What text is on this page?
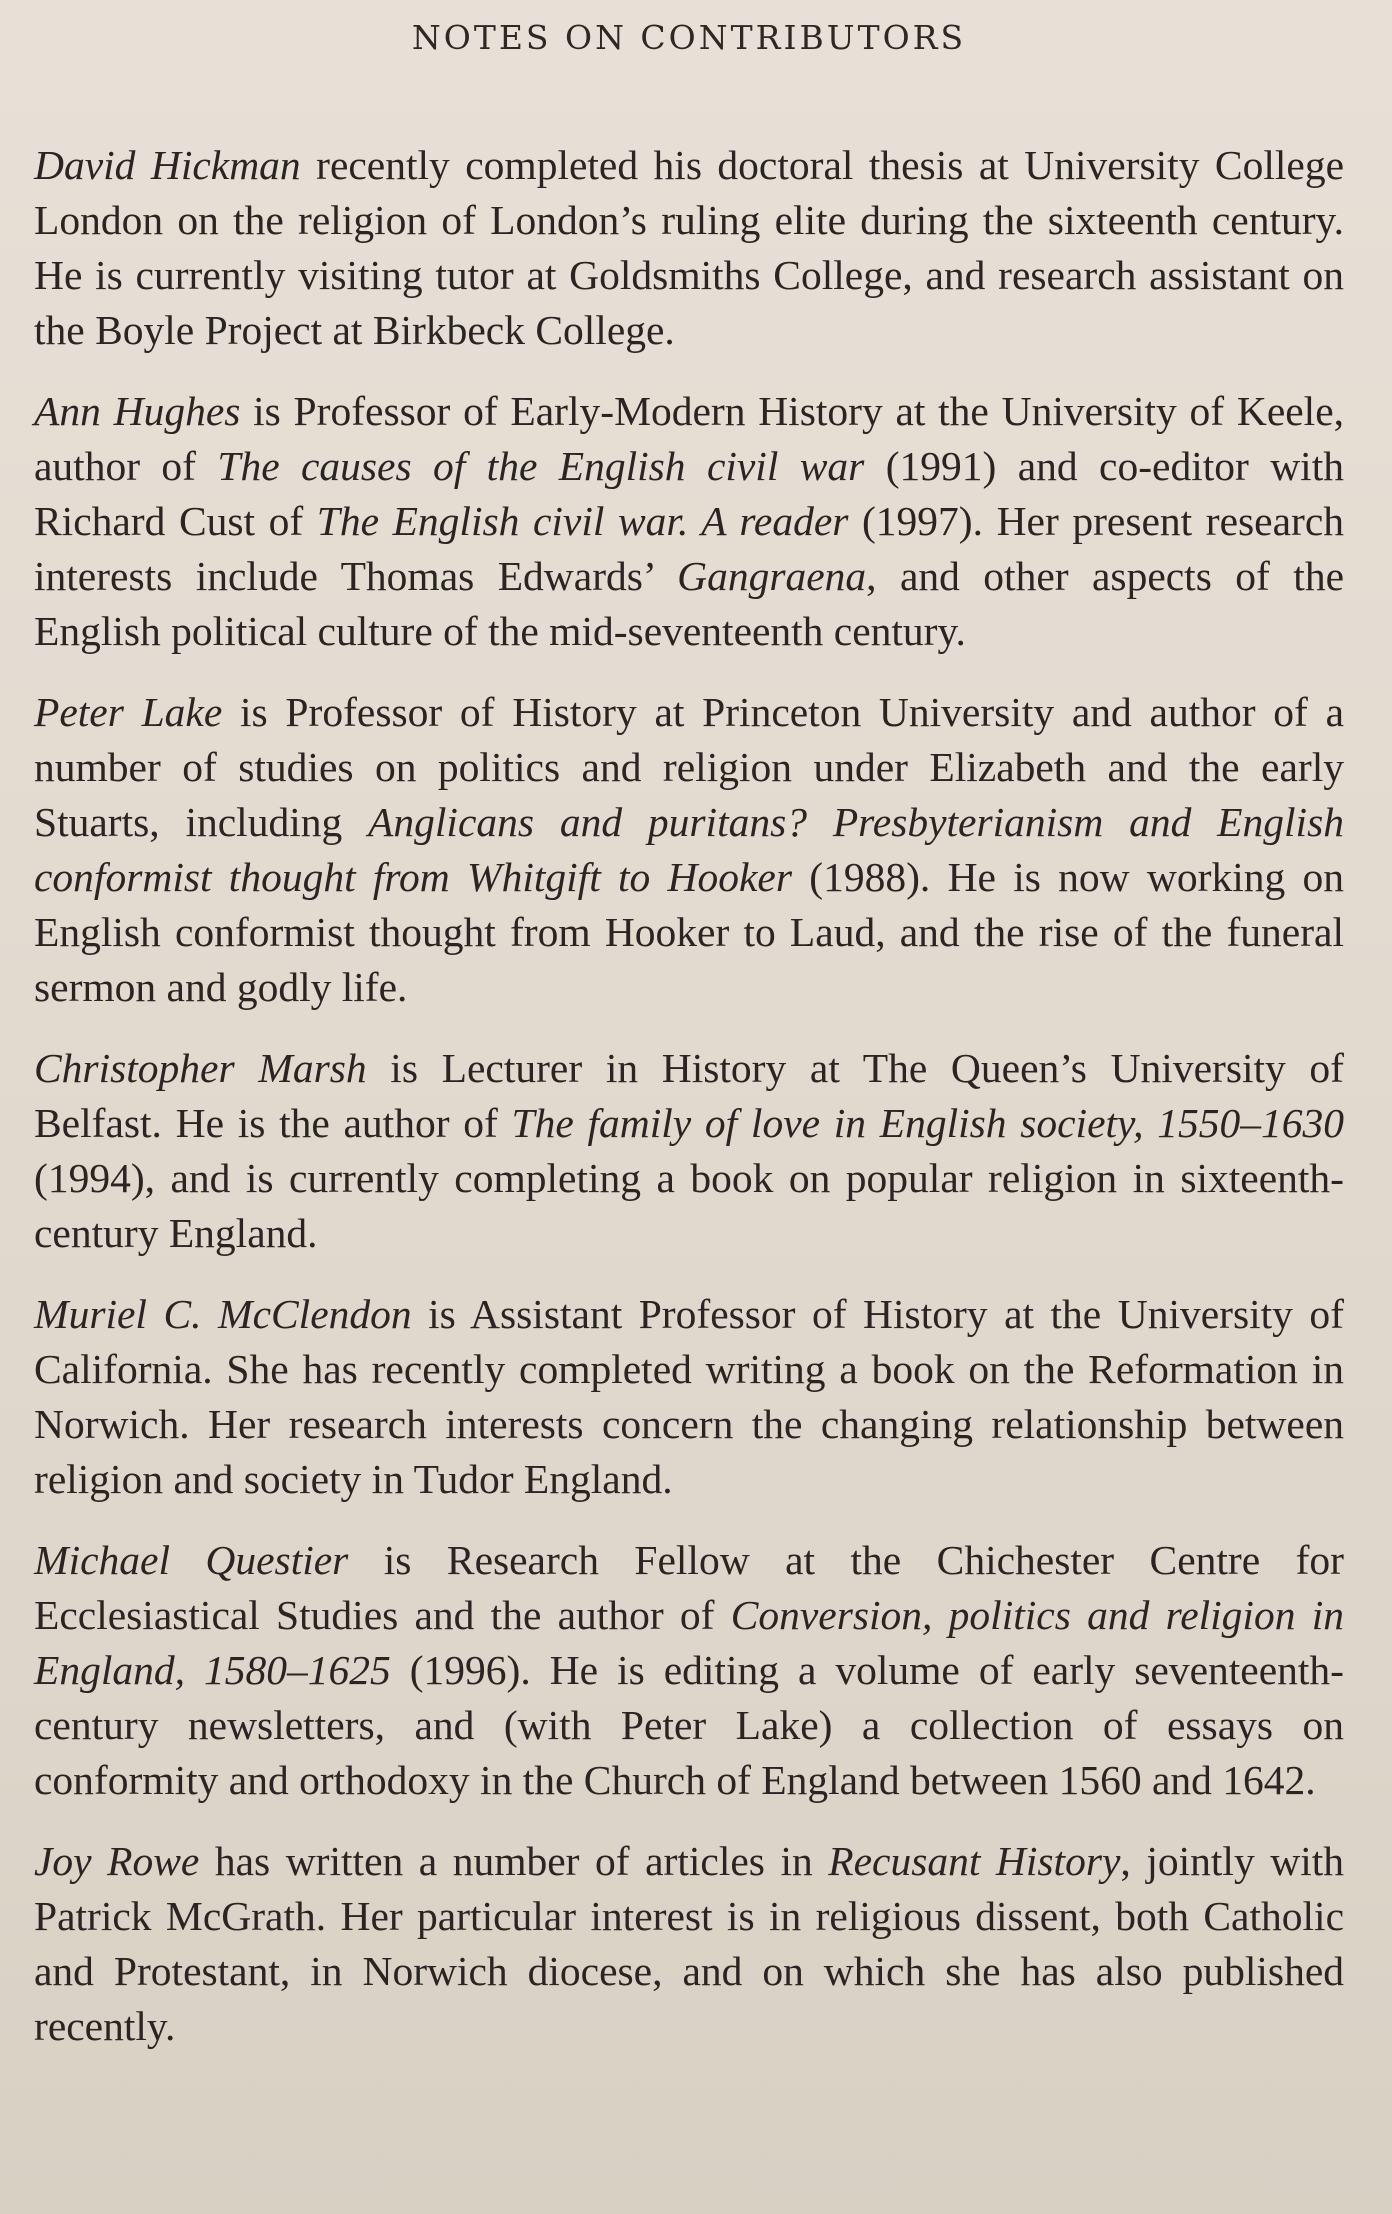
NOTES ON CONTRIBUTORS

David Hickman recently completed his doctoral thesis at University College London on the religion of London’s ruling elite during the sixteenth century. He is currently visiting tutor at Goldsmiths College, and research assistant on the Boyle Project at Birkbeck College.

Ann Hughes is Professor of Early-Modern History at the University of Keele, author of The causes of the English civil war (1991) and co-editor with Richard Cust of The English civil war. A reader (1997). Her present research interests include Thomas Edwards’ Gangraena, and other aspects of the English political culture of the mid-seventeenth century.

Peter Lake is Professor of History at Princeton University and author of a number of studies on politics and religion under Elizabeth and the early Stuarts, including Anglicans and puritans? Presbyterianism and English conformist thought from Whitgift to Hooker (1988). He is now working on English conformist thought from Hooker to Laud, and the rise of the funeral sermon and godly life.

Christopher Marsh is Lecturer in History at The Queen’s University of Belfast. He is the author of The family of love in English society, 1550–1630 (1994), and is currently completing a book on popular religion in sixteenth-century England.

Muriel C. McClendon is Assistant Professor of History at the University of California. She has recently completed writing a book on the Reformation in Norwich. Her research interests concern the changing relationship between religion and society in Tudor England.

Michael Questier is Research Fellow at the Chichester Centre for Ecclesiastical Studies and the author of Conversion, politics and religion in England, 1580–1625 (1996). He is editing a volume of early seventeenth-century newsletters, and (with Peter Lake) a collection of essays on conformity and orthodoxy in the Church of England between 1560 and 1642.

Joy Rowe has written a number of articles in Recusant History, jointly with Patrick McGrath. Her particular interest is in religious dissent, both Catholic and Protestant, in Norwich diocese, and on which she has also published recently.
